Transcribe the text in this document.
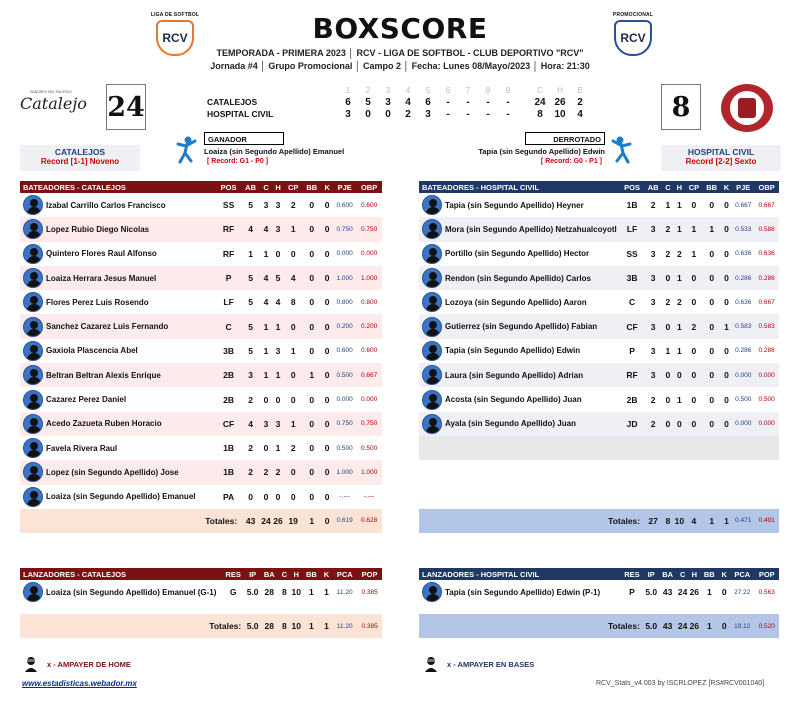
LIGA DE SOFTBOL
RCV
PROMOCIONAL
RCV
BOXSCORE
TEMPORADA - PRIMERA 2023 │ RCV - LIGA DE SOFTBOL - CLUB DEPORTIVO "RCV"
Jornada #4 │ Grupo Promocional │ Campo 2 │ Fecha: Lunes 08/Mayo/2023 │ Hora: 21:30
SABORES DEL PACIFICO
Catalejo 24	8
1	2	3	4	5	6	7	8	9	C	H	E
CATALEJOS	6	5	3	4	6	-	-	-	-	24 26	2
HOSPITAL CIVIL	3	0	0	2	3	-	-	-	-	8	10	4
CATALEJOS
Record [1-1] Noveno
HOSPITAL CIVIL
Record [2-2] Sexto
GANADOR
Loaiza (sin Segundo Apellido) Emanuel
[ Record: G1 - P0 ]
DERROTADO
Tapia (sin Segundo Apellido) Edwin
[ Record: G0 - P1 ]
BATEADORES - CATALEJOS		POS	AB	C	H	CP	BB	K	PJE	OBP

	Izabal Carrillo Carlos Francisco	SS	5	3	3	2	0	0	0.600	0.600

	Lopez Rubio Diego Nicolas	RF	4	4	3	1	0	0	0.750	0.750

	Quintero Flores Raul Alfonso	RF	1	1	0	0	0	0	0.000	0.000

	Loaiza Herrara Jesus Manuel	P	5	4	5	4	0	0	1.000	1.000

	Flores Perez Luis Rosendo	LF	5	4	4	8	0	0	0.800	0.800

	Sanchez Cazarez Luis Fernando	C	5	1	1	0	0	0	0.200	0.200

	Gaxiola Plascencia Abel	3B	5	1	3	1	0	0	0.600	0.600

	Beltran Beltran Alexis Enrique	2B	3	1	1	0	1	0	0.500	0.667

	Cazarez Perez Daniel	2B	2	0	0	0	0	0	0.000	0.000

	Acedo Zazueta Ruben Horacio	CF	4	3	3	1	0	0	0.750	0.750

	Favela Rivera Raul	1B	2	0	1	2	0	0	0.500	0.500

	Lopez (sin Segundo Apellido) Jose	1B	2	2	2	0	0	0	1.000	1.000

	Loaiza (sin Segundo Apellido) Emanuel	PA	0	0	0	0	0	0	-.---	-.---
Totales:			43	24	26	19	1	0	0.619	0.628
BATEADORES - HOSPITAL CIVIL		POS	AB	C	H	CP	BB	K	PJE	OBP

	Tapia (sin Segundo Apellido) Heyner	1B	2	1	1	0	0	0	0.667	0.667

	Mora (sin Segundo Apellido) Netzahualcoyotl	LF	3	2	1	1	1	0	0.533	0.588

	Portillo (sin Segundo Apellido) Hector	SS	3	2	2	1	0	0	0.636	0.636

	Rendon (sin Segundo Apellido) Carlos	3B	3	0	1	0	0	0	0.286	0.286

	Lozoya (sin Segundo Apellido) Aaron	C	3	2	2	0	0	0	0.636	0.667

	Gutierrez (sin Segundo Apellido) Fabian	CF	3	0	1	2	0	1	0.583	0.583

	Tapia (sin Segundo Apellido) Edwin	P	3	1	1	0	0	0	0.286	0.286

	Laura (sin Segundo Apellido) Adrian	RF	3	0	0	0	0	0	0.000	0.000

	Acosta (sin Segundo Apellido) Juan	2B	2	0	1	0	0	0	0.500	0.500

	Ayala (sin Segundo Apellido) Juan	JD	2	0	0	0	0	0	0.000	0.000

Totales:			27	8	10	4	1	1	0.471	0.491
LANZADORES - CATALEJOS		RES	IP	BA	C	H	BB	K	PCA	POP

	Loaiza (sin Segundo Apellido) Emanuel (G-1)	G	5.0	28	8	10	1	1	11.20	0.385

Totales:			5.0	28	8	10	1	1	11.20	0.385
LANZADORES - HOSPITAL CIVIL		RES	IP	BA	C	H	BB	K	PCA	POP

	Tapia (sin Segundo Apellido) Edwin (P-1)	P	5.0	43	24	26	1	0	27.22	0.563

Totales:			5.0	43	24	26	1	0	19.12	0.520
x - AMPAYER DE HOME	x - AMPAYER EN BASES
www.estadisticas.webador.mx	RCV_Stats_v4.003 by ISCRLOPEZ [RS#RCV001040]
